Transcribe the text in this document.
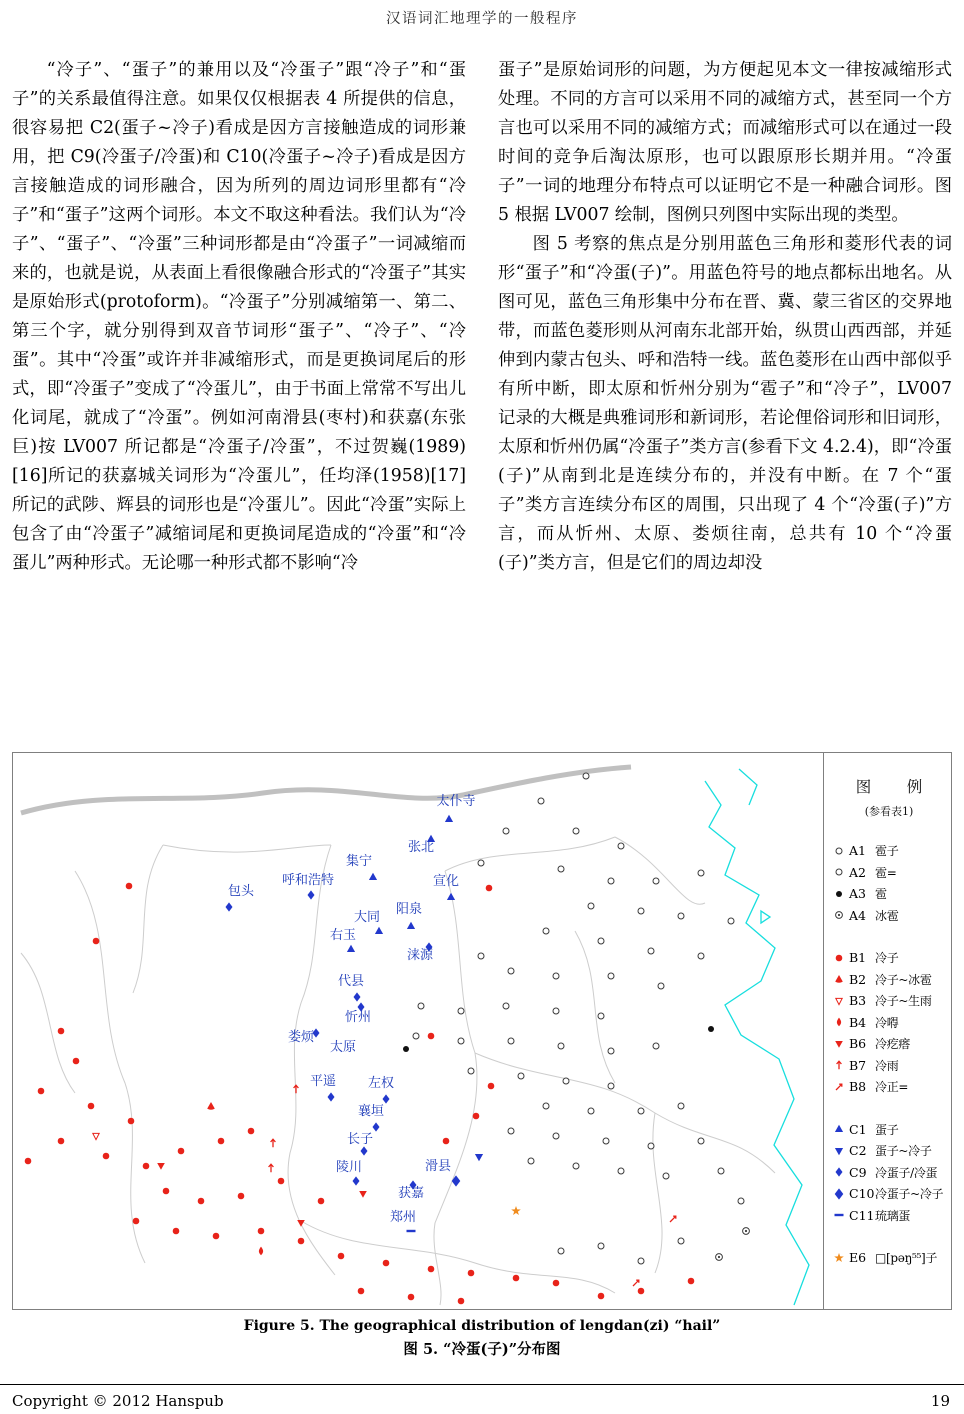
汉语词汇地理学的一般程序

“冷子”、“蛋子”的兼用以及“冷蛋子”跟“冷子”和“蛋子”的关系最值得注意。如果仅仅根据表 4 所提供的信息，很容易把 C2(蛋子~冷子)看成是因方言接触造成的词形兼用，把 C9(冷蛋子/冷蛋)和 C10(冷蛋子~冷子)看成是因方言接触造成的词形融合，因为所列的周边词形里都有“冷子”和“蛋子”这两个词形。本文不取这种看法。我们认为“冷子”、“蛋子”、“冷蛋”三种词形都是由“冷蛋子”一词减缩而来的，也就是说，从表面上看很像融合形式的“冷蛋子”其实是原始形式(protoform)。“冷蛋子”分别减缩第一、第二、第三个字，就分别得到双音节词形“蛋子”、“冷子”、“冷蛋”。其中“冷蛋”或许并非减缩形式，而是更换词尾后的形式，即“冷蛋子”变成了“冷蛋儿”，由于书面上常常不写出儿化词尾，就成了“冷蛋”。例如河南滑县(枣村)和获嘉(东张巨)按 LV007 所记都是“冷蛋子/冷蛋”，不过贺巍(1989)[16]所记的获嘉城关词形为“冷蛋儿”，任均泽(1958)[17]所记的武陟、辉县的词形也是“冷蛋儿”。因此“冷蛋”实际上包含了由“冷蛋子”减缩词尾和更换词尾造成的“冷蛋”和“冷蛋儿”两种形式。无论哪一种形式都不影响“冷

蛋子”是原始词形的问题，为方便起见本文一律按减缩形式处理。不同的方言可以采用不同的减缩方式，甚至同一个方言也可以采用不同的减缩方式；而减缩形式可以在通过一段时间的竞争后淘汰原形，也可以跟原形长期并用。“冷蛋子”一词的地理分布特点可以证明它不是一种融合词形。图 5 根据 LV007 绘制，图例只列图中实际出现的类型。

图 5 考察的焦点是分别用蓝色三角形和菱形代表的词形“蛋子”和“冷蛋(子)”。用蓝色符号的地点都标出地名。从图可见，蓝色三角形集中分布在晋、冀、蒙三省区的交界地带，而蓝色菱形则从河南东北部开始，纵贯山西西部，并延伸到内蒙古包头、呼和浩特一线。蓝色菱形在山西中部似乎有所中断，即太原和忻州分别为“雹子”和“冷子”，LV007 记录的大概是典雅词形和新词形，若论俚俗词形和旧词形，太原和忻州仍属“冷蛋子”类方言(参看下文 4.2.4)，即“冷蛋(子)”从南到北是连续分布的，并没有中断。在 7 个“蛋子”类方言连续分布区的周围，只出现了 4 个“冷蛋(子)”方言，而从忻州、太原、娄烦往南，总共有 10 个“冷蛋(子)”类方言，但是它们的周边却没

太仆寺
张北
集宁
呼和浩特
包头
宣化
大同
阳泉
右玉
涞源
代县
忻州
娄烦
太原
平遥 左权
襄垣
长子
陵川	滑县
获嘉
郑州
图　例
(参看表1)
A1 雹子
A2 雹=
A3 雹
A4 冰雹
B1 冷子
B2 冷子~冰雹
B3 冷子~生雨
B4 冷嘚
B6 冷疙瘩
B7 冷雨
B8 冷正=
C1 蛋子
C2 蛋子~冷子
C9 冷蛋子/冷蛋
C10 冷蛋子~冷子
C11 琉璃蛋
E6 □[pəŋ⁵⁵]子
Figure 5. The geographical distribution of lengdan(zi) “hail”
图 5. “冷蛋(子)”分布图
Copyright © 2012 Hanspub	19
